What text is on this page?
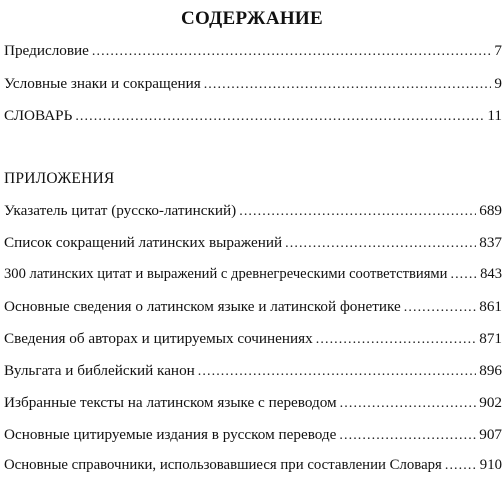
СОДЕРЖАНИЕ
Предисловие . . .	7
Условные знаки и сокращения . . .	9
СЛОВАРЬ . . .	11
ПРИЛОЖЕНИЯ
Указатель цитат (русско-латинский) . . .	689
Список сокращений латинских выражений . . .	837
300 латинских цитат и выражений с древнегреческими соответствиями . . . 843
Основные сведения о латинском языке и латинской фонетике . . .	861
Сведения об авторах и цитируемых сочинениях . . .	871
Вульгата и библейский канон . . .	896
Избранные тексты на латинском языке с переводом . . .	902
Основные цитируемые издания в русском переводе . . .	907
Основные справочники, использовавшиеся при составлении Словаря . . .	910
